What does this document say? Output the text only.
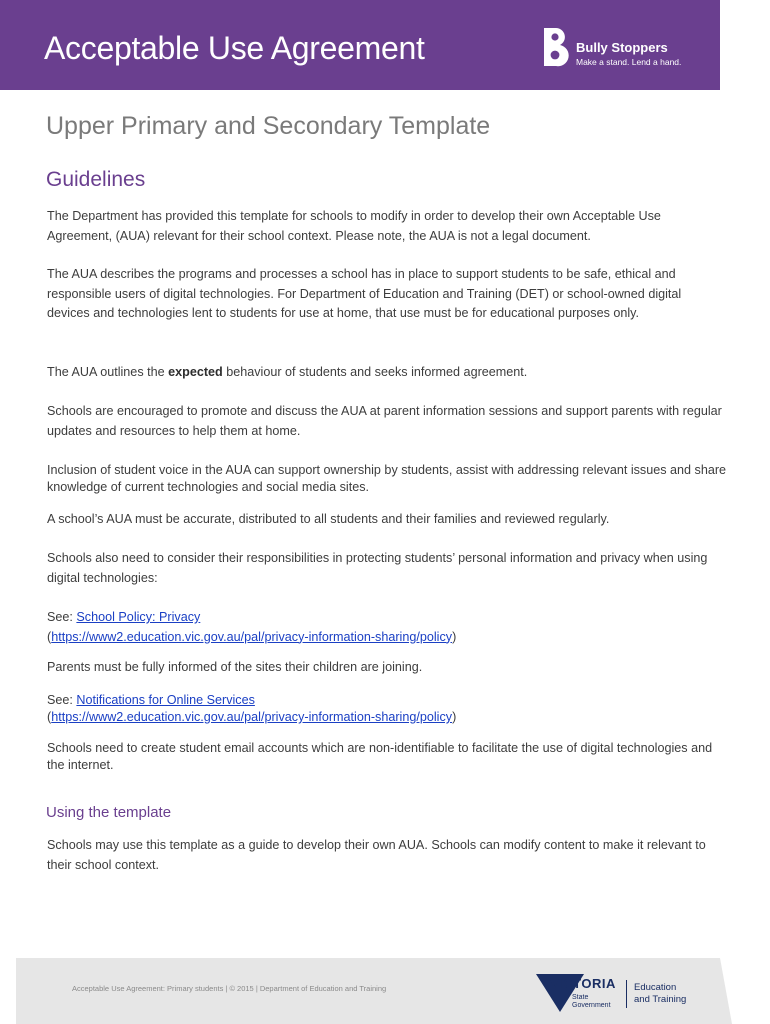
Acceptable Use Agreement	Bully Stoppers
Make a stand. Lend a hand.
Upper Primary and Secondary Template
Guidelines

The Department has provided this template for schools to modify in order to develop their own Acceptable Use Agreement, (AUA) relevant for their school context. Please note, the AUA is not a legal document.

The AUA describes the programs and processes a school has in place to support students to be safe, ethical and responsible users of digital technologies. For Department of Education and Training (DET) or school-owned digital devices and technologies lent to students for use at home, that use must be for educational purposes only.

The AUA outlines the expected behaviour of students and seeks informed agreement.

Schools are encouraged to promote and discuss the AUA at parent information sessions and support parents with regular updates and resources to help them at home.

Inclusion of student voice in the AUA can support ownership by students, assist with addressing relevant issues and share knowledge of current technologies and social media sites.

A school’s AUA must be accurate, distributed to all students and their families and reviewed regularly.

Schools also need to consider their responsibilities in protecting students’ personal information and privacy when using digital technologies:

See: School Policy: Privacy
(https://www2.education.vic.gov.au/pal/privacy-information-sharing/policy)

Parents must be fully informed of the sites their children are joining.

See: Notifications for Online Services
(https://www2.education.vic.gov.au/pal/privacy-information-sharing/policy)

Schools need to create student email accounts which are non-identifiable to facilitate the use of digital technologies and the internet.

Using the template

Schools may use this template as a guide to develop their own AUA. Schools can modify content to make it relevant to their school context.

Acceptable Use Agreement: Primary students | © 2015 | Department of Education and Training	VICTORIA
State
Government
Education
and Training
